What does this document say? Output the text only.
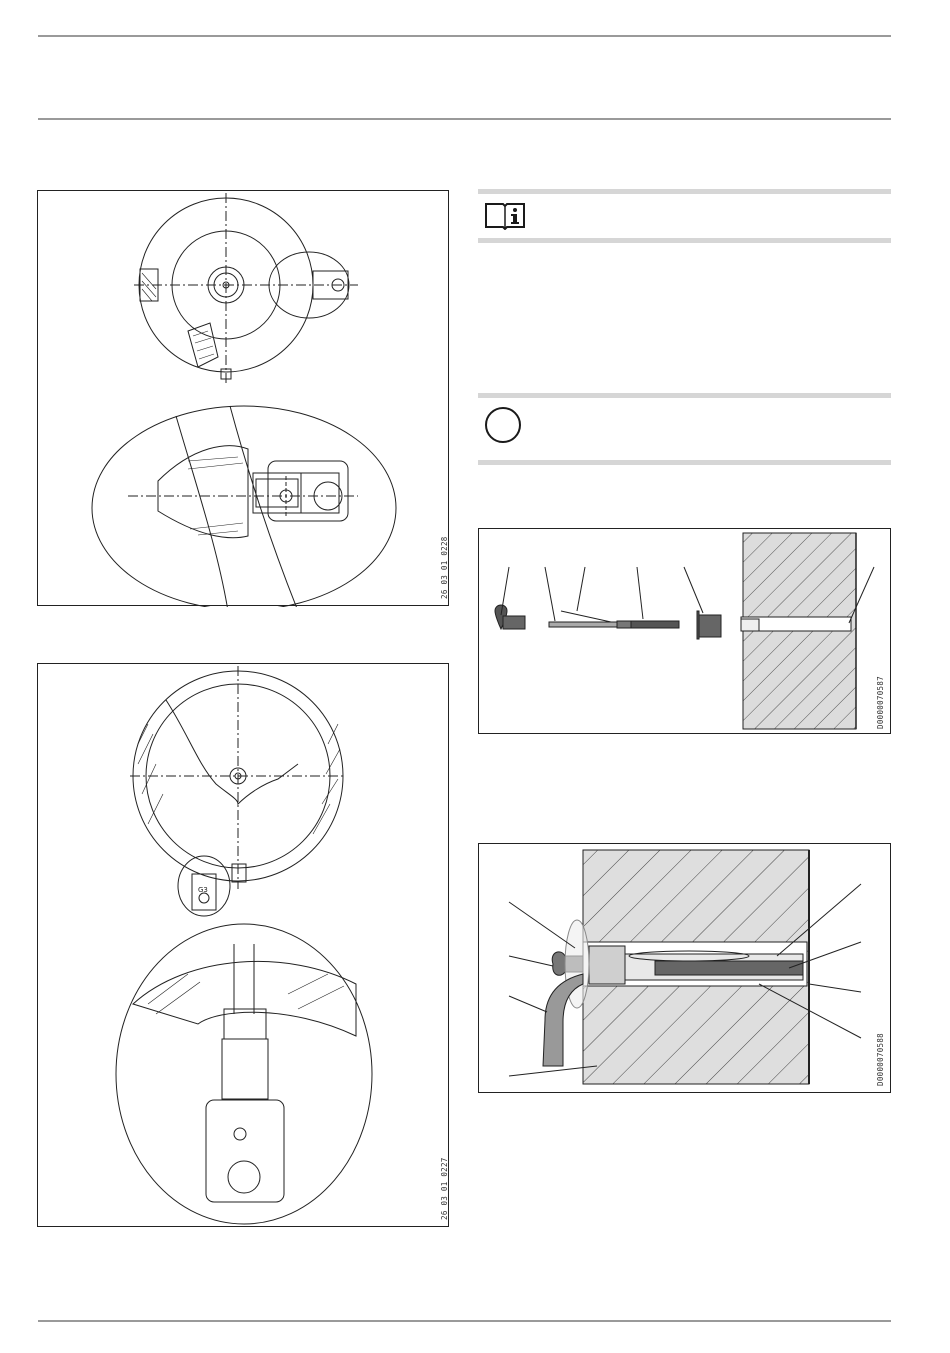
26_03_01_0228
G3
26_03_01_0227
D0000070587
D0000070588
